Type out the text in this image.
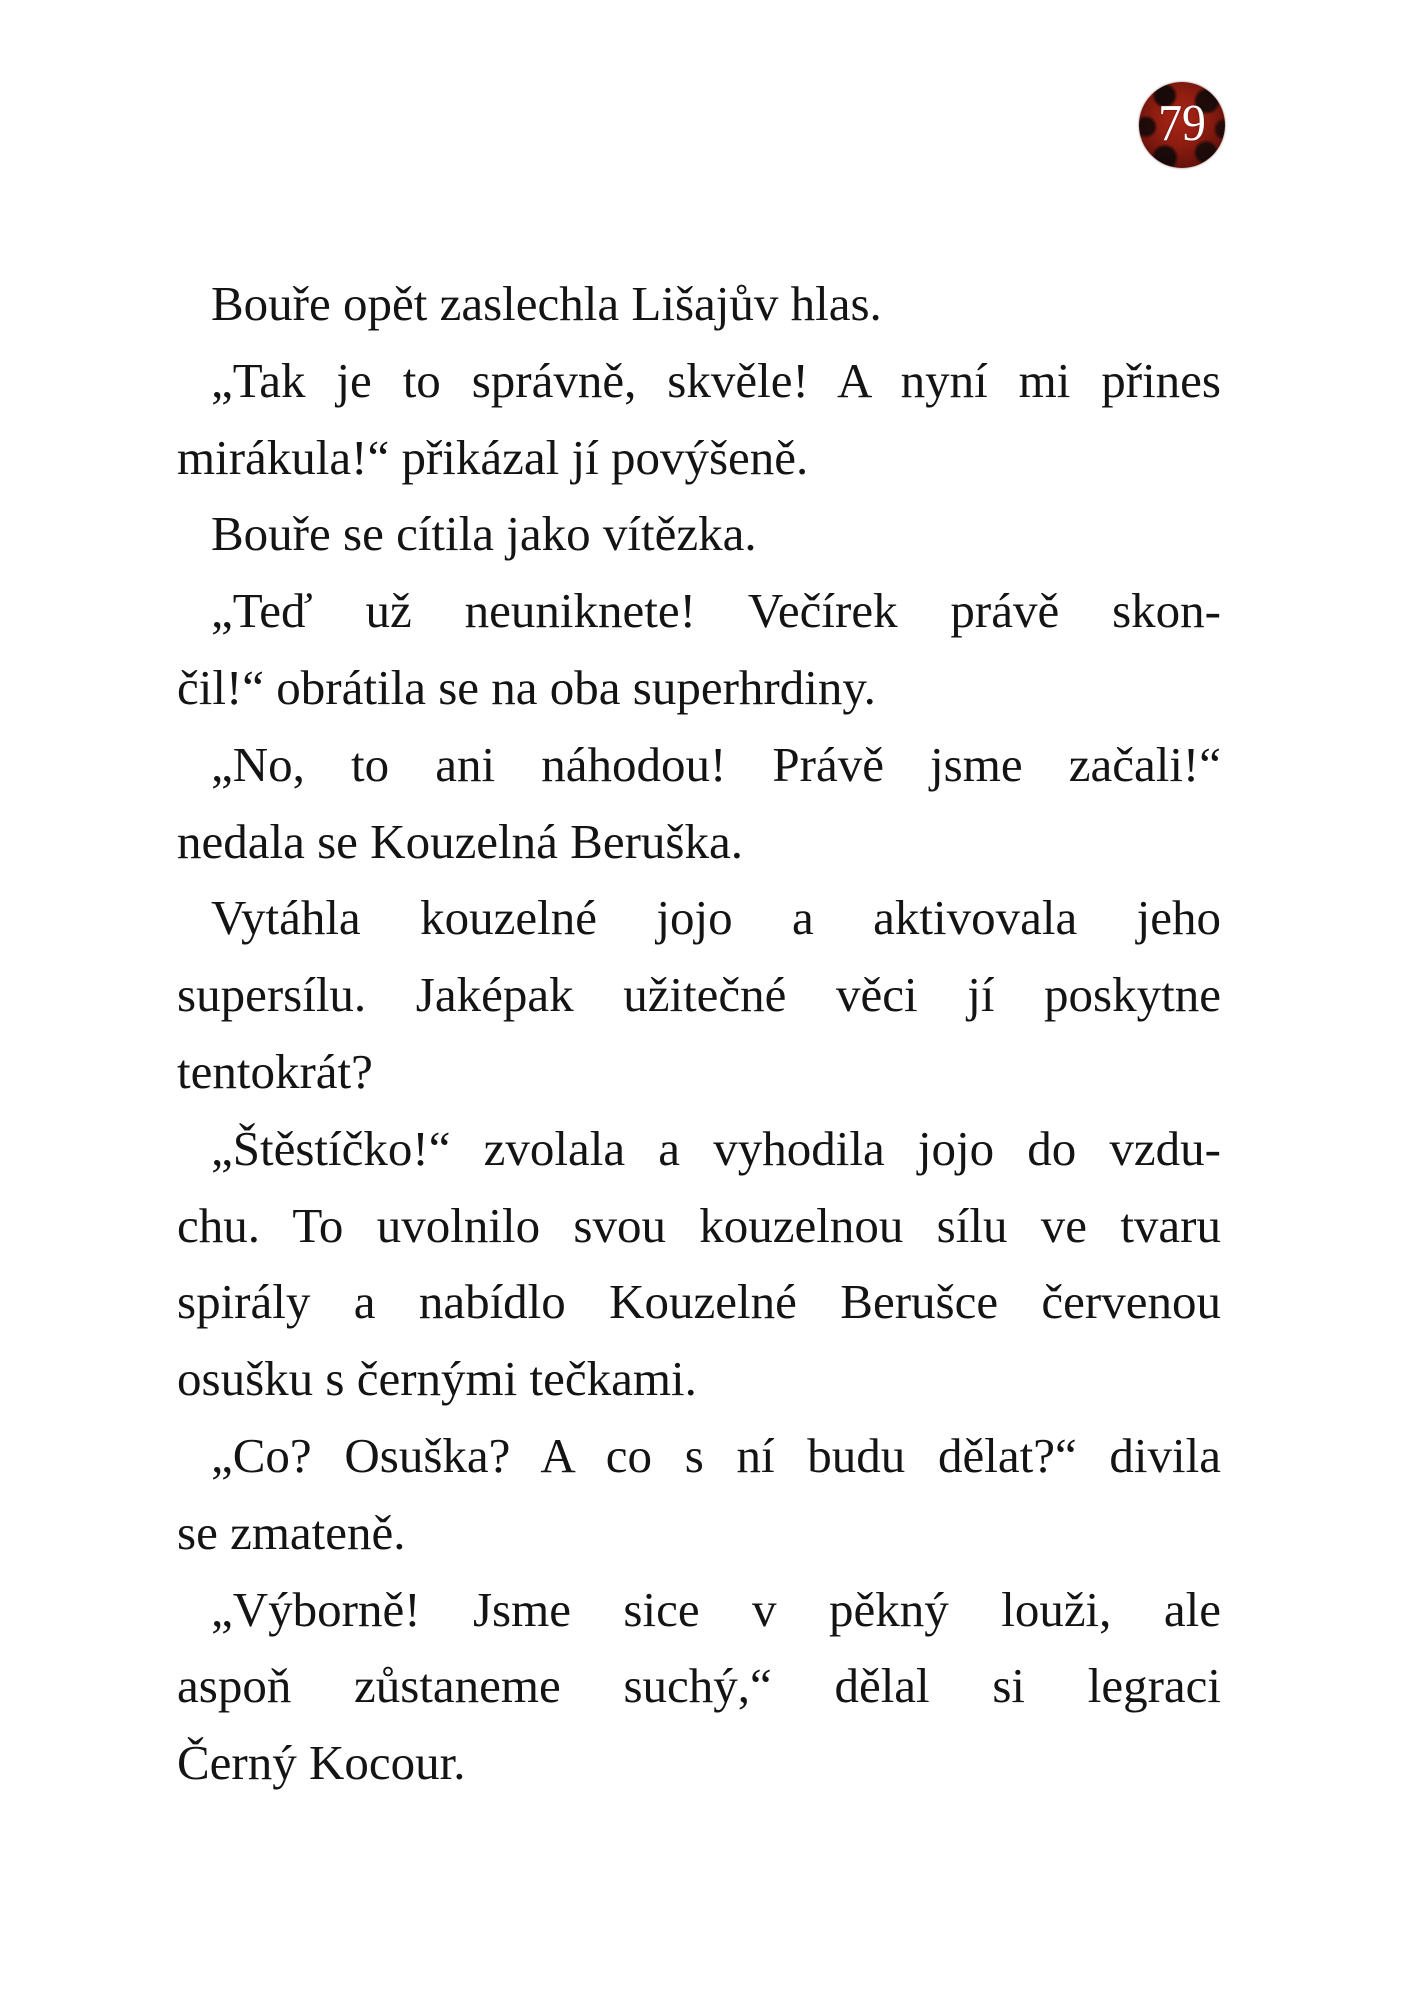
79
Bouře opět zaslechla Lišajův hlas.
„Tak je to správně, skvěle! A nyní mi přines
mirákula!“ přikázal jí povýšeně.
Bouře se cítila jako vítězka.
„Teď už neuniknete! Večírek právě skon-
čil!“ obrátila se na oba superhrdiny.
„No, to ani náhodou! Právě jsme začali!“
nedala se Kouzelná Beruška.
Vytáhla kouzelné jojo a aktivovala jeho
supersílu. Jaképak užitečné věci jí poskytne
tentokrát?
„Štěstíčko!“ zvolala a vyhodila jojo do vzdu-
chu. To uvolnilo svou kouzelnou sílu ve tvaru
spirály a nabídlo Kouzelné Berušce červenou
osušku s černými tečkami.
„Co? Osuška? A co s ní budu dělat?“ divila
se zmateně.
„Výborně! Jsme sice v pěkný louži, ale
aspoň zůstaneme suchý,“ dělal si legraci
Černý Kocour.
